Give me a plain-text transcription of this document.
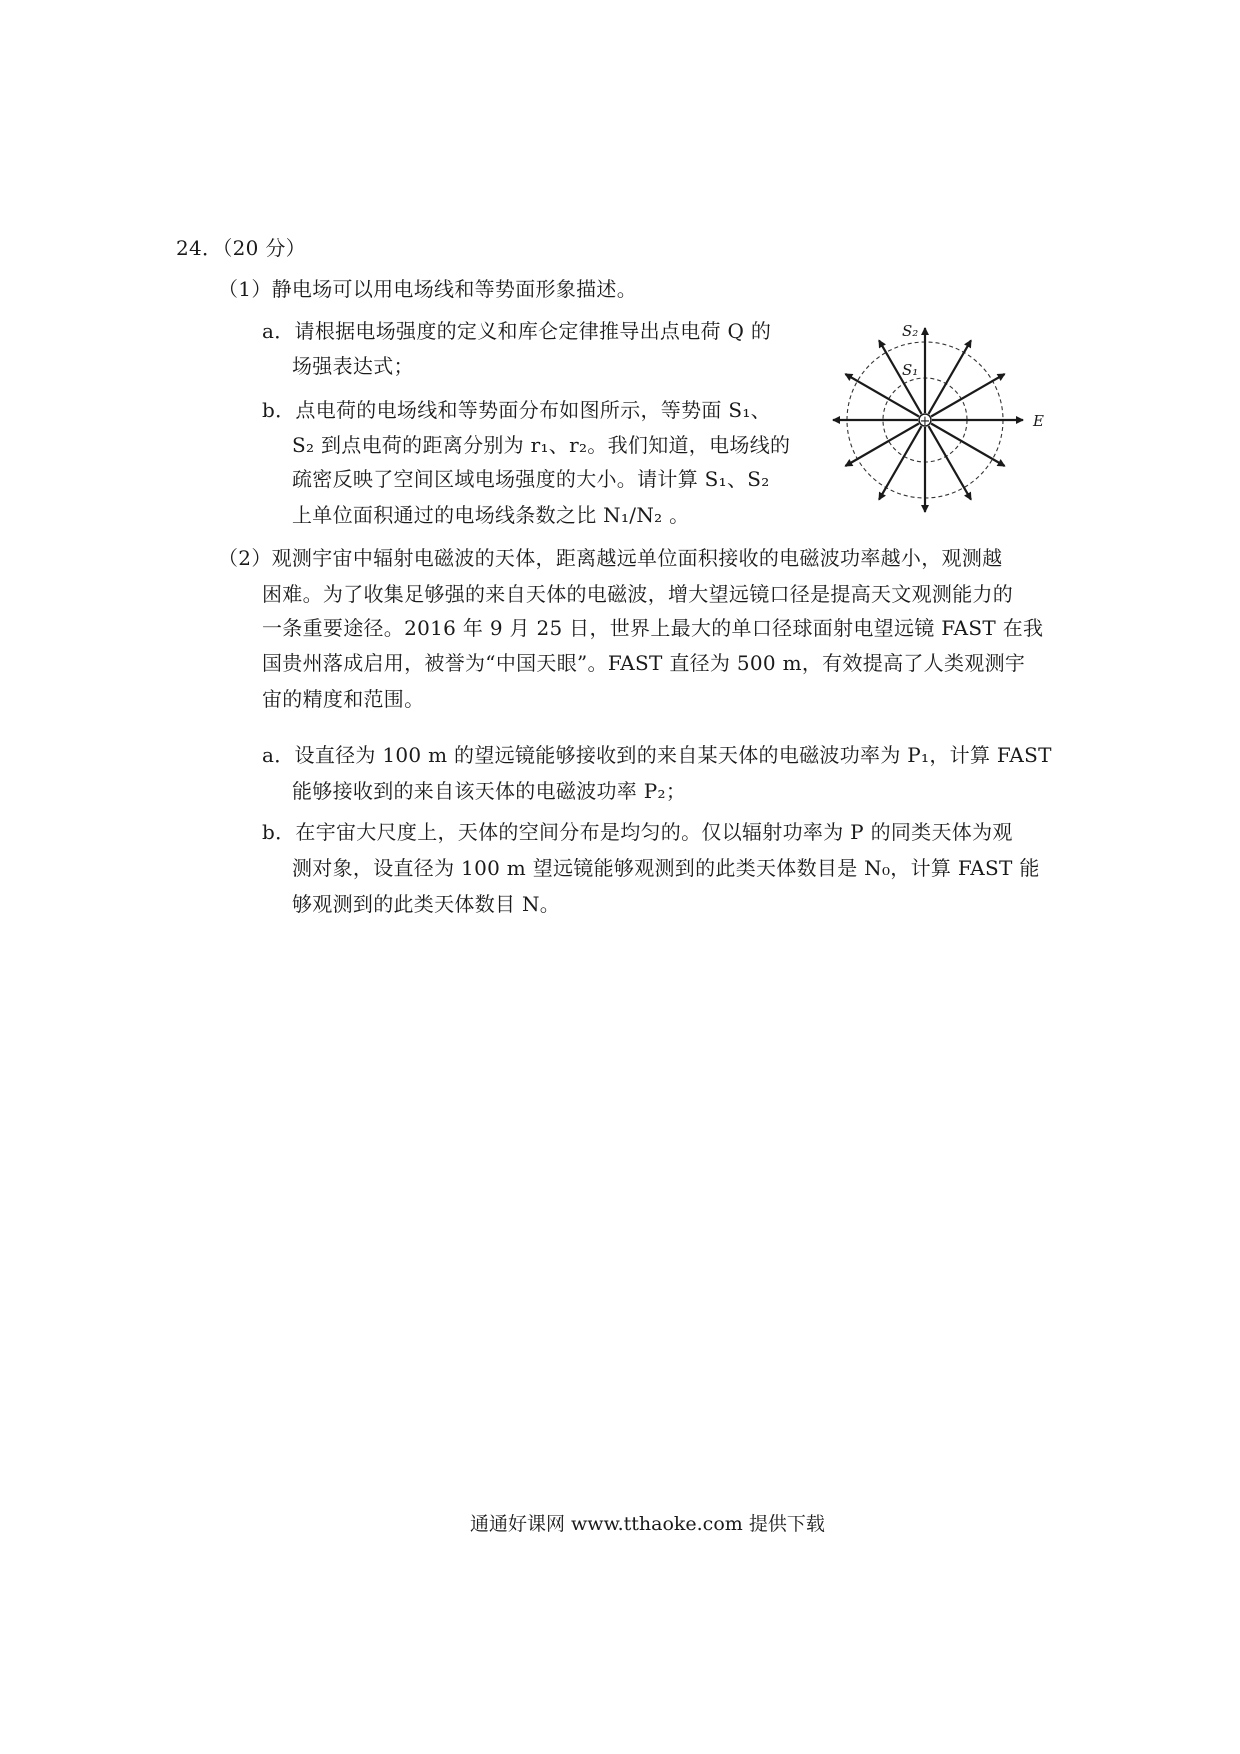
24．（20 分）
（1）静电场可以用电场线和等势面形象描述。
a．请根据电场强度的定义和库仑定律推导出点电荷 Q 的
场强表达式；
b．点电荷的电场线和等势面分布如图所示，等势面 S₁、
S₂ 到点电荷的距离分别为 r₁、r₂。我们知道，电场线的
疏密反映了空间区域电场强度的大小。请计算 S₁、S₂
上单位面积通过的电场线条数之比 N₁/N₂ 。
+
S₂
S₁
E
（2）观测宇宙中辐射电磁波的天体，距离越远单位面积接收的电磁波功率越小，观测越
困难。为了收集足够强的来自天体的电磁波，增大望远镜口径是提高天文观测能力的
一条重要途径。2016 年 9 月 25 日，世界上最大的单口径球面射电望远镜 FAST 在我
国贵州落成启用，被誉为“中国天眼”。FAST 直径为 500 m，有效提高了人类观测宇
宙的精度和范围。
a．设直径为 100 m 的望远镜能够接收到的来自某天体的电磁波功率为 P₁，计算 FAST
能够接收到的来自该天体的电磁波功率 P₂；
b．在宇宙大尺度上，天体的空间分布是均匀的。仅以辐射功率为 P 的同类天体为观
测对象，设直径为 100 m 望远镜能够观测到的此类天体数目是 N₀，计算 FAST 能
够观测到的此类天体数目 N。
通通好课网 www.tthaoke.com 提供下载
